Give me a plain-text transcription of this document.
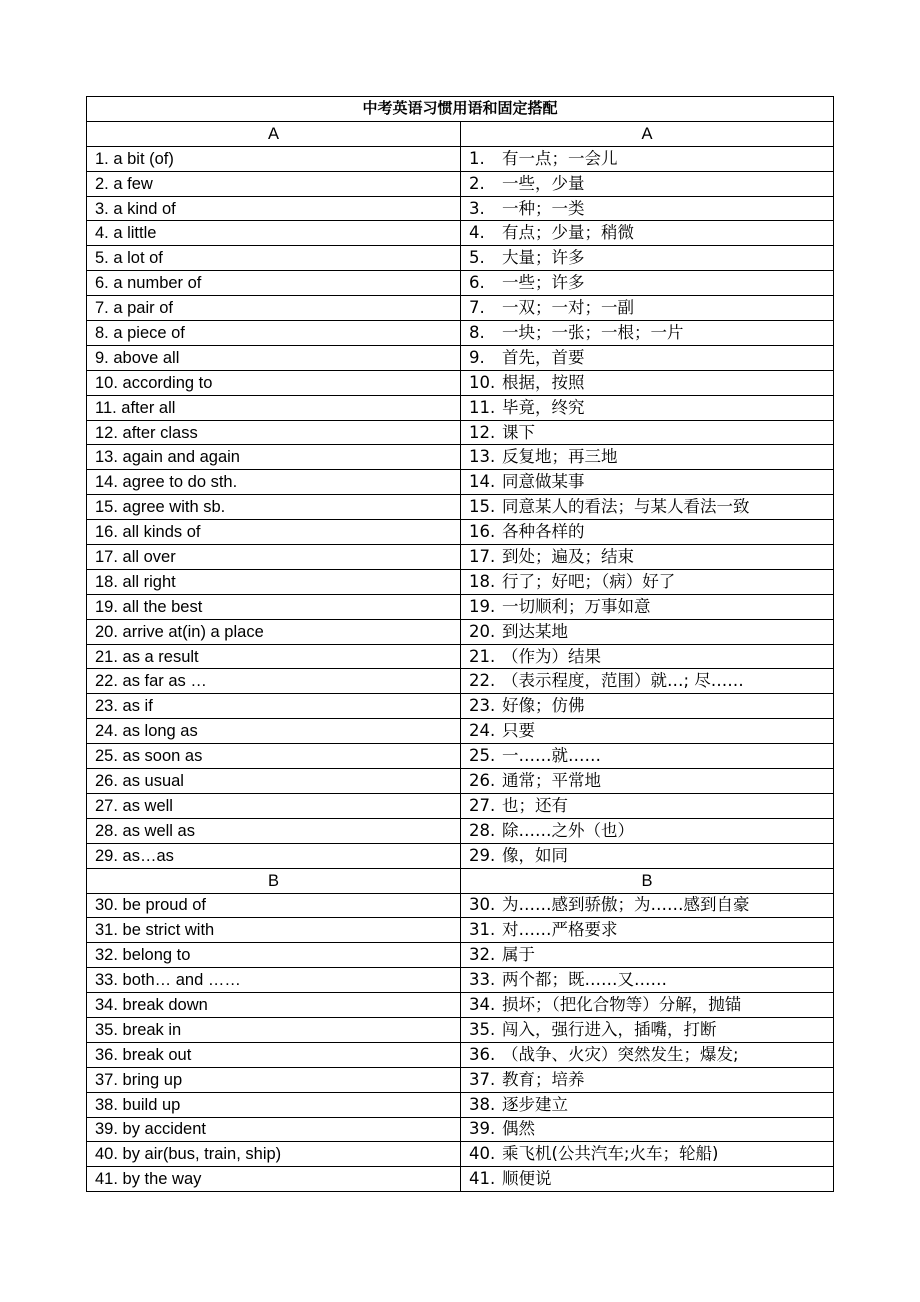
中考英语习惯用语和固定搭配	
A	A
1. a bit (of)	1. 有一点；一会儿
2. a few	2. 一些，少量
3. a kind of	3. 一种；一类
4. a little	4. 有点；少量；稍微
5. a lot of	5. 大量；许多
6. a number of	6. 一些；许多
7. a pair of	7. 一双；一对；一副
8. a piece of	8. 一块；一张；一根；一片
9. above all	9. 首先，首要
10. according to	10. 根据，按照
11. after all	11. 毕竟，终究
12. after class	12. 课下
13. again and again	13. 反复地；再三地
14. agree to do sth.	14. 同意做某事
15. agree with sb.	15. 同意某人的看法；与某人看法一致
16. all kinds of	16. 各种各样的
17. all over	17. 到处；遍及；结束
18. all right	18. 行了；好吧；（病）好了
19. all the best	19. 一切顺利；万事如意
20. arrive at(in) a place	20. 到达某地
21. as a result	21. （作为）结果
22. as far as …	22. （表示程度，范围）就…; 尽……
23. as if	23. 好像；仿佛
24. as long as	24. 只要
25. as soon as	25. 一……就……
26. as usual	26. 通常；平常地
27. as well	27. 也；还有
28. as well as	28. 除……之外（也）
29. as…as	29. 像，如同
B	B
30. be proud of	30. 为……感到骄傲；为……感到自豪
31. be strict with	31. 对……严格要求
32. belong to	32. 属于
33. both… and ……	33. 两个都；既……又……
34. break down	34. 损坏；（把化合物等）分解，抛锚
35. break in	35. 闯入，强行进入，插嘴，打断
36. break out	36. （战争、火灾）突然发生；爆发;
37. bring up	37. 教育；培养
38. build up	38. 逐步建立
39. by accident	39. 偶然
40. by air(bus, train, ship)	40. 乘飞机(公共汽车;火车；轮船)
41. by the way	41. 顺便说
